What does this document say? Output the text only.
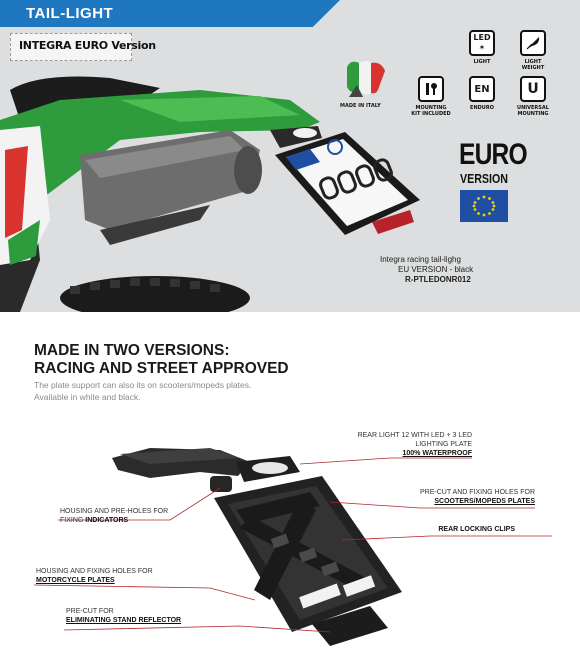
TAIL-LIGHT
INTEGRA EURO Version
MADE IN ITALY
LED
✶
LIGHT	LIGHT WEIGHT
MOUNTING KIT INCLUDED
EN
ENDURO
U
UNIVERSAL MOUNTING
EURO
VERSION
Integra racing tail-lighg
EU VERSION - black
R-PTLEDONR012
MADE IN TWO VERSIONS:
RACING AND STREET APPROVED
The plate support can also its on scooters/mopeds plates.
Available in white and black.
REAR LIGHT 12 WITH LED + 3 LED
LIGHTING PLATE
100% WATERPROOF
HOUSING AND PRE-HOLES FOR
FIXING INDICATORS
PRE-CUT AND FIXING HOLES FOR
SCOOTERS/MOPEDS PLATES
REAR LOCKING CLIPS
HOUSING AND FIXING HOLES FOR
MOTORCYCLE PLATES
PRE-CUT FOR
ELIMINATING STAND REFLECTOR
